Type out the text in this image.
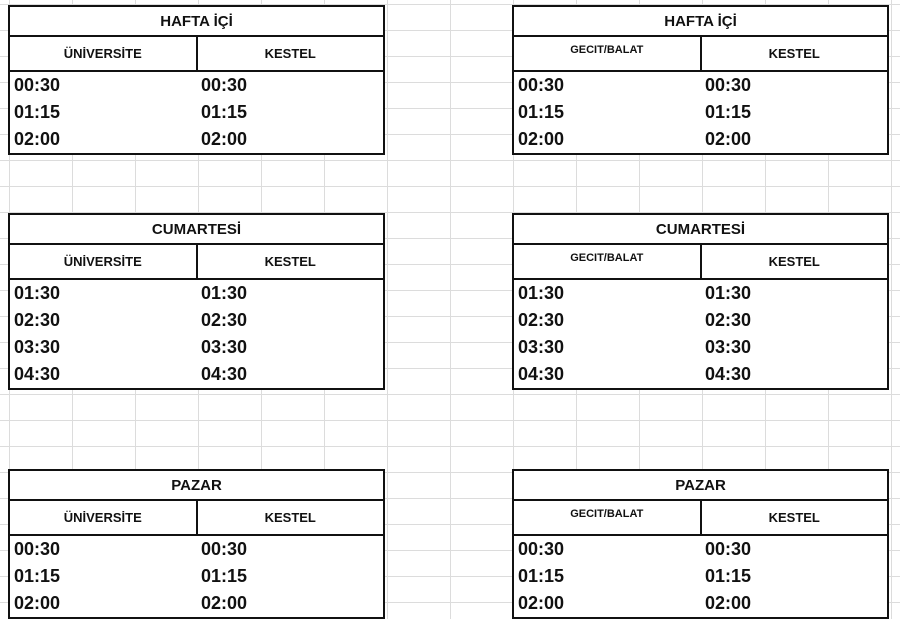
HAFTA İÇİ
ÜNİVERSİTE	KESTEL
00:30	00:30
01:15	01:15
02:00	02:00
HAFTA İÇİ
GECIT/BALAT	KESTEL
00:30	00:30
01:15	01:15
02:00	02:00
CUMARTESİ
ÜNİVERSİTE	KESTEL
01:30	01:30
02:30	02:30
03:30	03:30
04:30	04:30
CUMARTESİ
GECIT/BALAT	KESTEL
01:30	01:30
02:30	02:30
03:30	03:30
04:30	04:30
PAZAR
ÜNİVERSİTE	KESTEL
00:30	00:30
01:15	01:15
02:00	02:00
PAZAR
GECIT/BALAT	KESTEL
00:30	00:30
01:15	01:15
02:00	02:00
